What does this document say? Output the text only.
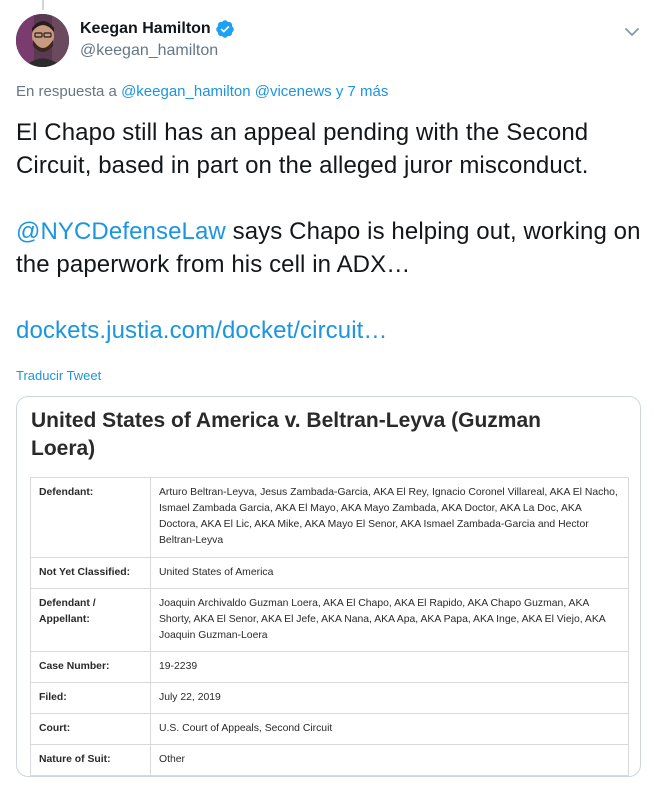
Keegan Hamilton
@keegan_hamilton
En respuesta a @keegan_hamilton @vicenews y 7 más

El Chapo still has an appeal pending with the Second Circuit, based in part on the alleged juror misconduct.

@NYCDefenseLaw says Chapo is helping out, working on the paperwork from his cell in ADX…

dockets.justia.com/docket/circuit…

Traducir Tweet
United States of America v. Beltran-Leyva (Guzman Loera)
Defendant:	Arturo Beltran-Leyva, Jesus Zambada-Garcia, AKA El Rey, Ignacio Coronel Villareal, AKA El Nacho, Ismael Zambada Garcia, AKA El Mayo, AKA Mayo Zambada, AKA Doctor, AKA La Doc, AKA Doctora, AKA El Lic, AKA Mike, AKA Mayo El Senor, AKA Ismael Zambada-Garcia and Hector Beltran-Leyva
Not Yet Classified:	United States of America
Defendant / Appellant:	Joaquin Archivaldo Guzman Loera, AKA El Chapo, AKA El Rapido, AKA Chapo Guzman, AKA Shorty, AKA El Senor, AKA El Jefe, AKA Nana, AKA Apa, AKA Papa, AKA Inge, AKA El Viejo, AKA Joaquin Guzman-Loera
Case Number:	19-2239
Filed:	July 22, 2019
Court:	U.S. Court of Appeals, Second Circuit
Nature of Suit:	Other
